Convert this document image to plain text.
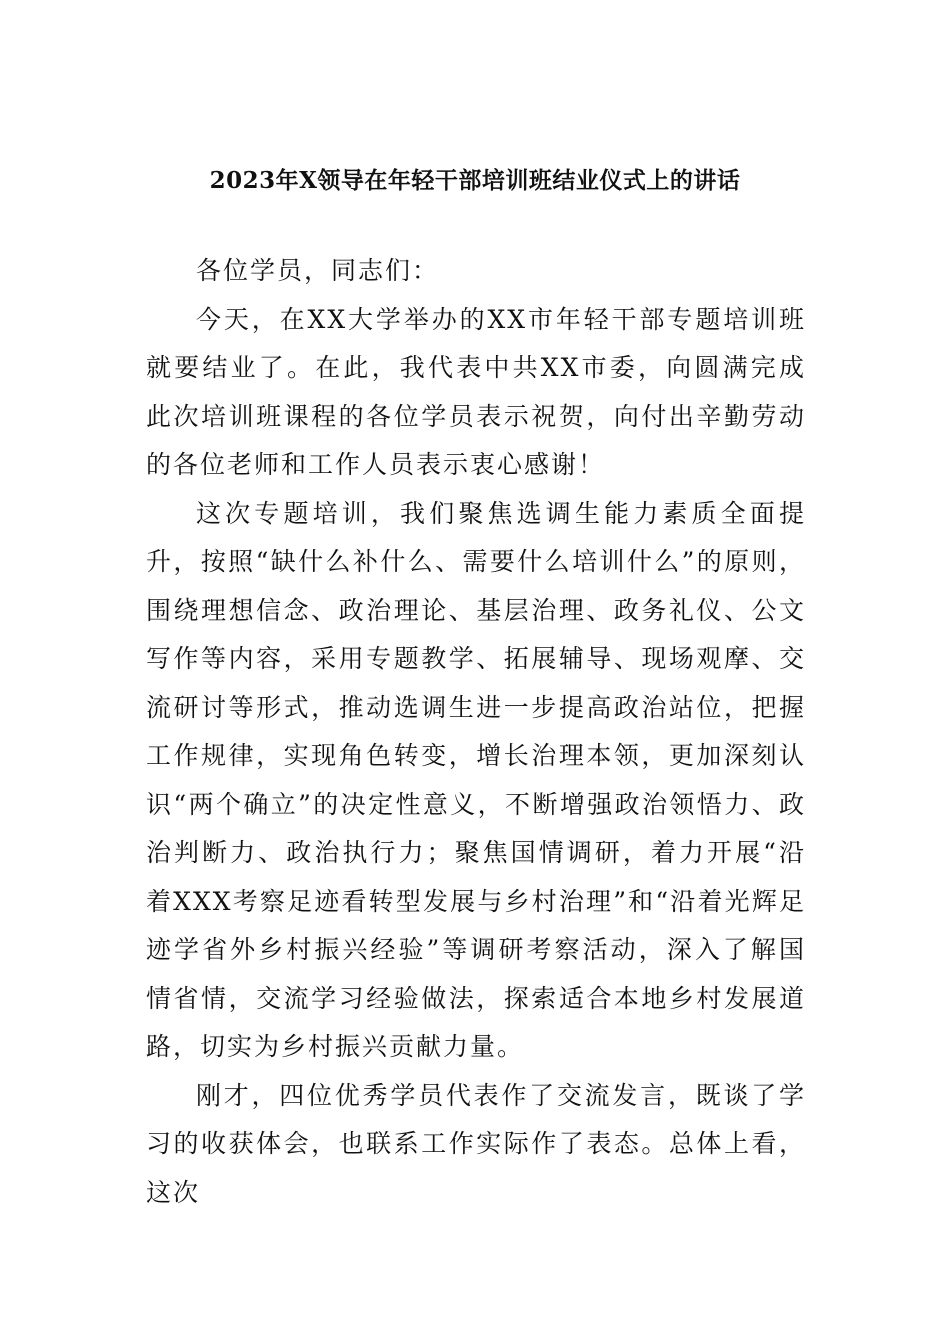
2023年X领导在年轻干部培训班结业仪式上的讲话

各位学员，同志们：

今天，在XX大学举办的XX市年轻干部专题培训班就要结业了。在此，我代表中共XX市委，向圆满完成此次培训班课程的各位学员表示祝贺，向付出辛勤劳动的各位老师和工作人员表示衷心感谢！

这次专题培训，我们聚焦选调生能力素质全面提升，按照“缺什么补什么、需要什么培训什么”的原则，围绕理想信念、政治理论、基层治理、政务礼仪、公文写作等内容，采用专题教学、拓展辅导、现场观摩、交流研讨等形式，推动选调生进一步提高政治站位，把握工作规律，实现角色转变，增长治理本领，更加深刻认识“两个确立”的决定性意义，不断增强政治领悟力、政治判断力、政治执行力；聚焦国情调研，着力开展“沿着XXX考察足迹看转型发展与乡村治理”和“沿着光辉足迹学省外乡村振兴经验”等调研考察活动，深入了解国情省情，交流学习经验做法，探索适合本地乡村发展道路，切实为乡村振兴贡献力量。

刚才，四位优秀学员代表作了交流发言，既谈了学习的收获体会，也联系工作实际作了表态。总体上看，这次
